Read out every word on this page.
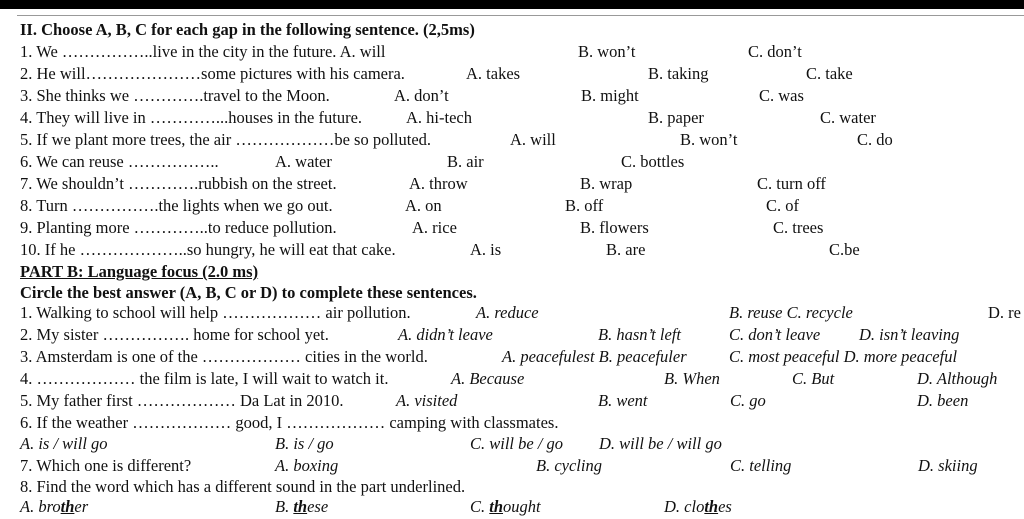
II. Choose A, B, C for each gap in the following sentence. (2,5ms)
1. We ……………..live in the city in the future. A. will	B. won’t	C. don’t
2. He will…………………some pictures with his camera.	A. takes	B. taking	C. take
3. She thinks we ………….travel to the Moon.	A. don’t	B. might	C. was
4. They will live in …………...houses in the future.	A. hi-tech	B. paper	C. water
5. If we plant more trees, the air ………………be so polluted.	A. will	B. won’t	C. do
6. We can reuse ……………..	A. water	B. air	C. bottles
7. We shouldn’t ………….rubbish on the street.	A. throw	B. wrap	C. turn off
8. Turn …………….the lights when we go out.	A. on	B. off	C. of
9. Planting more …………..to reduce pollution.	A. rice	B. flowers	C. trees
10. If he ………………..so hungry, he will eat that cake.	A. is	B. are	C.be
PART B: Language focus (2.0 ms)
Circle the best answer (A, B, C or D) to complete these sentences.
1. Walking to school will help ……………… air pollution.	A. reduce	B. reuse C. recycle	D. re
2. My sister ……………. home for school yet.	A. didn’t leave	B. hasn’t left	C. don’t leave D. isn’t leaving
3. Amsterdam is one of the ……………… cities in the world.	A. peacefulest B. peacefuler	C. most peaceful D. more peaceful
4. ……………… the film is late, I will wait to watch it.	A. Because	B. When	C. But	D. Although
5. My father first ……………… Da Lat in 2010.	A. visited	B. went	C. go	D. been
6. If the weather ……………… good, I ……………… camping with classmates.
A. is / will go	B. is / go	C. will be / go D. will be / will go
7. Which one is different?	A. boxing	B. cycling	C. telling	D. skiing
8. Find the word which has a different sound in the part underlined.
A. brother	B. these	C. thought	D. clothes
